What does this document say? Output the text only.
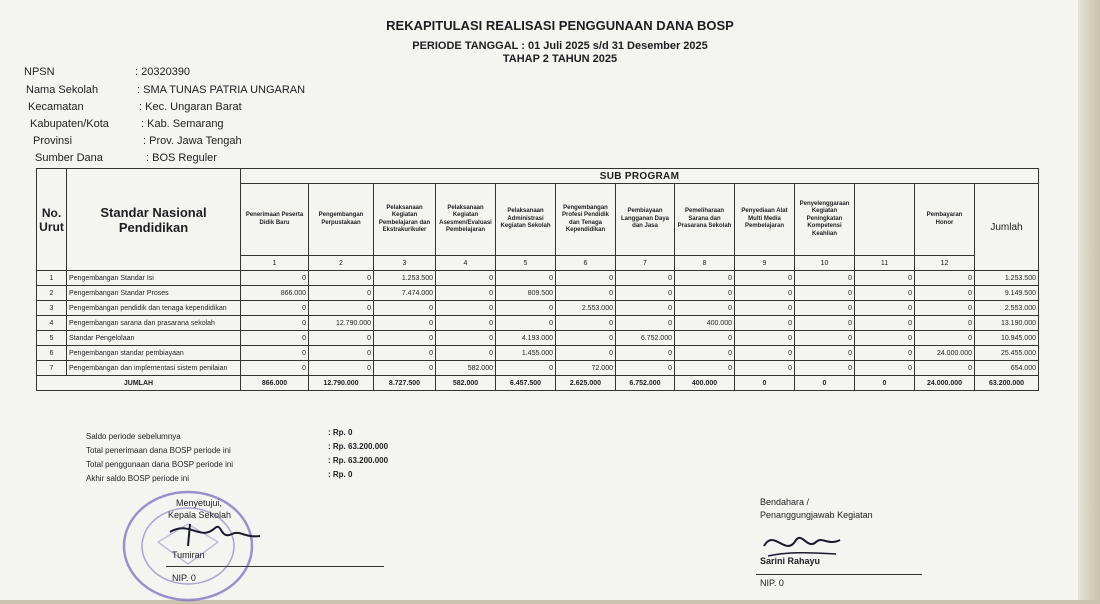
REKAPITULASI REALISASI PENGGUNAAN DANA BOSP
PERIODE TANGGAL : 01 Juli 2025 s/d 31 Desember 2025
TAHAP 2 TAHUN 2025
NPSN	: 20320390
Nama Sekolah	: SMA TUNAS PATRIA UNGARAN
Kecamatan	: Kec. Ungaran Barat
Kabupaten/Kota	: Kab. Semarang
Provinsi	: Prov. Jawa Tengah
Sumber Dana	: BOS Reguler
No. Urut	Standar Nasional Pendidikan	SUB PROGRAM												
		Penerimaan Peserta Didik Baru	Pengembangan Perpustakaan	Pelaksanaan Kegiatan Pembelajaran dan Ekstrakurikuler	Pelaksanaan Kegiatan Asesmen/Evaluasi Pembelajaran	Pelaksanaan Administrasi Kegiatan Sekolah	Pengembangan Profesi Pendidik dan Tenaga Kependidikan	Pembiayaan Langganan Daya dan Jasa	Pemeliharaan Sarana dan Prasarana Sekolah	Penyediaan Alat Multi Media Pembelajaran	Penyelenggaraan Kegiatan Peningkatan Kompetensi Keahlian		Pembayaran Honor	Jumlah
		1	2	3	4	5	6	7	8	9	10	11	12	
1	Pengembangan Standar Isi	0	0	1.253.500	0	0	0	0	0	0	0	0	0	1.253.500
2	Pengembangan Standar Proses	866.000	0	7.474.000	0	809.500	0	0	0	0	0	0	0	9.149.500
3	Pengembangan pendidik dan tenaga kependidikan	0	0	0	0	0	2.553.000	0	0	0	0	0	0	2.553.000
4	Pengembangan sarana dan prasarana sekolah	0	12.790.000	0	0	0	0	0	400.000	0	0	0	0	13.190.000
5	Standar Pengelolaan	0	0	0	0	4.193.000	0	6.752.000	0	0	0	0	0	10.945.000
6	Pengembangan standar pembiayaan	0	0	0	0	1.455.000	0	0	0	0	0	0	24.000.000	25.455.000
7	Pengembangan dan implementasi sistem penilaian	0	0	0	582.000	0	72.000	0	0	0	0	0	0	654.000
JUMLAH		866.000	12.790.000	8.727.500	582.000	6.457.500	2.625.000	6.752.000	400.000	0	0	0	24.000.000	63.200.000
Saldo periode sebelumnya	: Rp. 0
Total penerimaan dana BOSP periode ini	: Rp. 63.200.000
Total penggunaan dana BOSP periode ini	: Rp. 63.200.000
Akhir saldo BOSP periode ini	: Rp. 0
Menyetujui,
Kepala Sekolah
Tumiran
NIP. 0
Bendahara /
Penanggungjawab Kegiatan
Sarini Rahayu
NIP. 0
